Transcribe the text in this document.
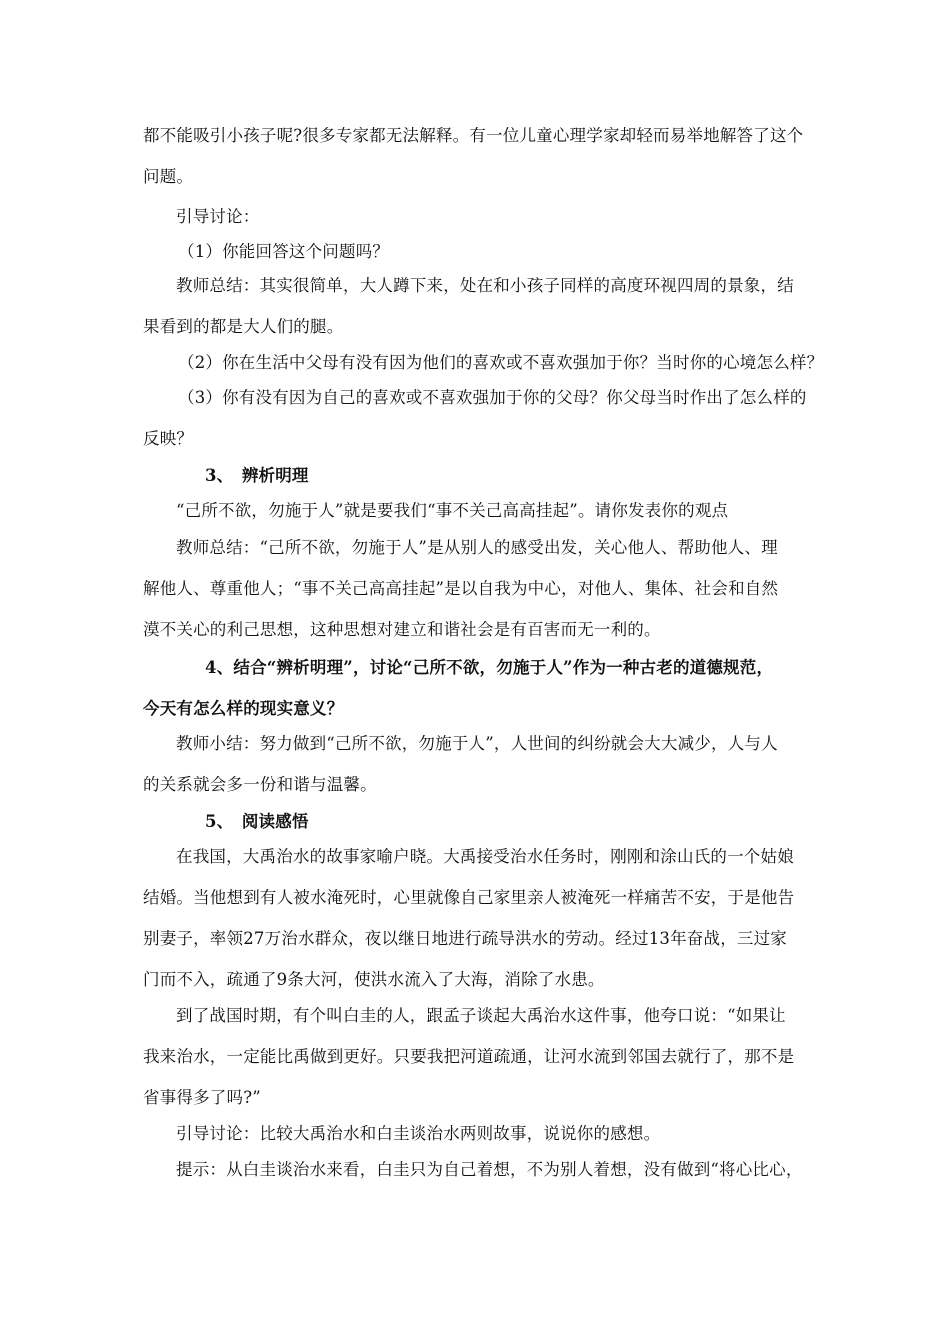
都不能吸引小孩子呢?很多专家都无法解释。有一位儿童心理学家却轻而易举地解答了这个
问题。
引导讨论：
（1）你能回答这个问题吗？
教师总结：其实很简单，大人蹲下来，处在和小孩子同样的高度环视四周的景象，结
果看到的都是大人们的腿。
（2）你在生活中父母有没有因为他们的喜欢或不喜欢强加于你？当时你的心境怎么样？
（3）你有没有因为自己的喜欢或不喜欢强加于你的父母？你父母当时作出了怎么样的
反映？
3、　辨析明理
“己所不欲，勿施于人”就是要我们“事不关己高高挂起”。请你发表你的观点
教师总结：“己所不欲，勿施于人”是从别人的感受出发，关心他人、帮助他人、理
解他人、尊重他人；“事不关己高高挂起”是以自我为中心，对他人、集体、社会和自然
漠不关心的利己思想，这种思想对建立和谐社会是有百害而无一利的。
4、结合“辨析明理”，讨论“己所不欲，勿施于人”作为一种古老的道德规范，
今天有怎么样的现实意义？
教师小结：努力做到“己所不欲，勿施于人”，人世间的纠纷就会大大减少，人与人
的关系就会多一份和谐与温馨。
5、　阅读感悟
在我国，大禹治水的故事家喻户晓。大禹接受治水任务时，刚刚和涂山氏的一个姑娘
结婚。当他想到有人被水淹死时，心里就像自己家里亲人被淹死一样痛苦不安，于是他告
别妻子，率领27万治水群众，夜以继日地进行疏导洪水的劳动。经过13年奋战，三过家
门而不入，疏通了9条大河，使洪水流入了大海，消除了水患。
到了战国时期，有个叫白圭的人，跟孟子谈起大禹治水这件事，他夸口说：“如果让
我来治水，一定能比禹做到更好。只要我把河道疏通，让河水流到邻国去就行了，那不是
省事得多了吗?”
引导讨论：比较大禹治水和白圭谈治水两则故事，说说你的感想。
提示：从白圭谈治水来看，白圭只为自己着想，不为别人着想，没有做到“将心比心，
